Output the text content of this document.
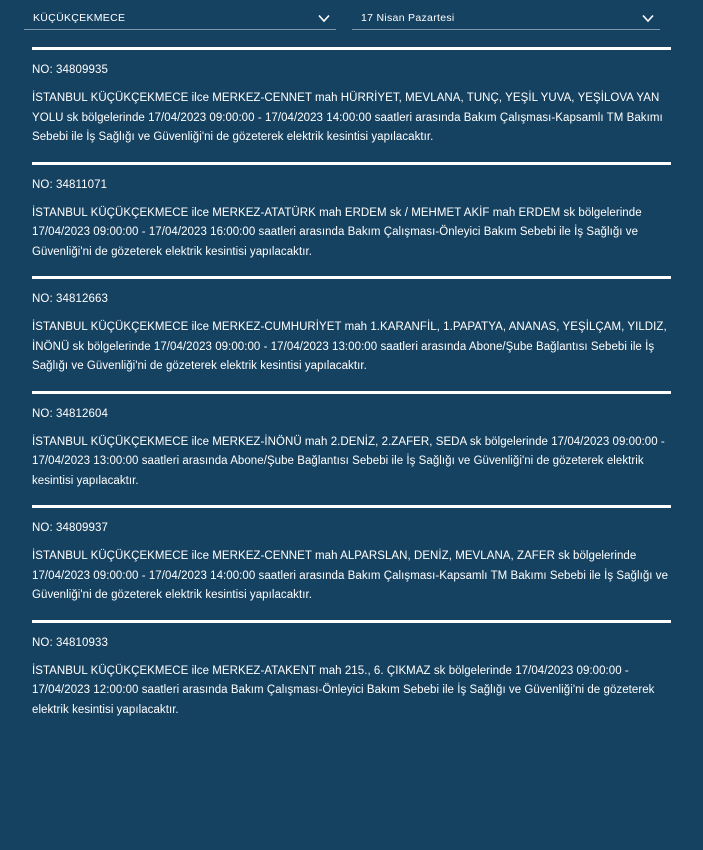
KÜÇÜKÇEKMECE	17 Nisan Pazartesi
NO: 34809935
İSTANBUL KÜÇÜKÇEKMECE ilce MERKEZ-CENNET mah HÜRRİYET, MEVLANA, TUNÇ, YEŞİL YUVA, YEŞİLOVA YAN YOLU sk bölgelerinde 17/04/2023 09:00:00 - 17/04/2023 14:00:00 saatleri arasında Bakım Çalışması-Kapsamlı TM Bakımı Sebebi ile İş Sağlığı ve Güvenliği'ni de gözeterek elektrik kesintisi yapılacaktır.
NO: 34811071
İSTANBUL KÜÇÜKÇEKMECE ilce MERKEZ-ATATÜRK mah ERDEM sk / MEHMET AKİF mah ERDEM sk bölgelerinde 17/04/2023 09:00:00 - 17/04/2023 16:00:00 saatleri arasında Bakım Çalışması-Önleyici Bakım Sebebi ile İş Sağlığı ve Güvenliği'ni de gözeterek elektrik kesintisi yapılacaktır.
NO: 34812663
İSTANBUL KÜÇÜKÇEKMECE ilce MERKEZ-CUMHURİYET mah 1.KARANFİL, 1.PAPATYA, ANANAS, YEŞİLÇAM, YILDIZ, İNÖNÜ sk bölgelerinde 17/04/2023 09:00:00 - 17/04/2023 13:00:00 saatleri arasında Abone/Şube Bağlantısı Sebebi ile İş Sağlığı ve Güvenliği'ni de gözeterek elektrik kesintisi yapılacaktır.
NO: 34812604
İSTANBUL KÜÇÜKÇEKMECE ilce MERKEZ-İNÖNÜ mah 2.DENİZ, 2.ZAFER, SEDA sk bölgelerinde 17/04/2023 09:00:00 - 17/04/2023 13:00:00 saatleri arasında Abone/Şube Bağlantısı Sebebi ile İş Sağlığı ve Güvenliği'ni de gözeterek elektrik kesintisi yapılacaktır.
NO: 34809937
İSTANBUL KÜÇÜKÇEKMECE ilce MERKEZ-CENNET mah ALPARSLAN, DENİZ, MEVLANA, ZAFER sk bölgelerinde 17/04/2023 09:00:00 - 17/04/2023 14:00:00 saatleri arasında Bakım Çalışması-Kapsamlı TM Bakımı Sebebi ile İş Sağlığı ve Güvenliği'ni de gözeterek elektrik kesintisi yapılacaktır.
NO: 34810933
İSTANBUL KÜÇÜKÇEKMECE ilce MERKEZ-ATAKENT mah 215., 6. ÇIKMAZ sk bölgelerinde 17/04/2023 09:00:00 - 17/04/2023 12:00:00 saatleri arasında Bakım Çalışması-Önleyici Bakım Sebebi ile İş Sağlığı ve Güvenliği'ni de gözeterek elektrik kesintisi yapılacaktır.
